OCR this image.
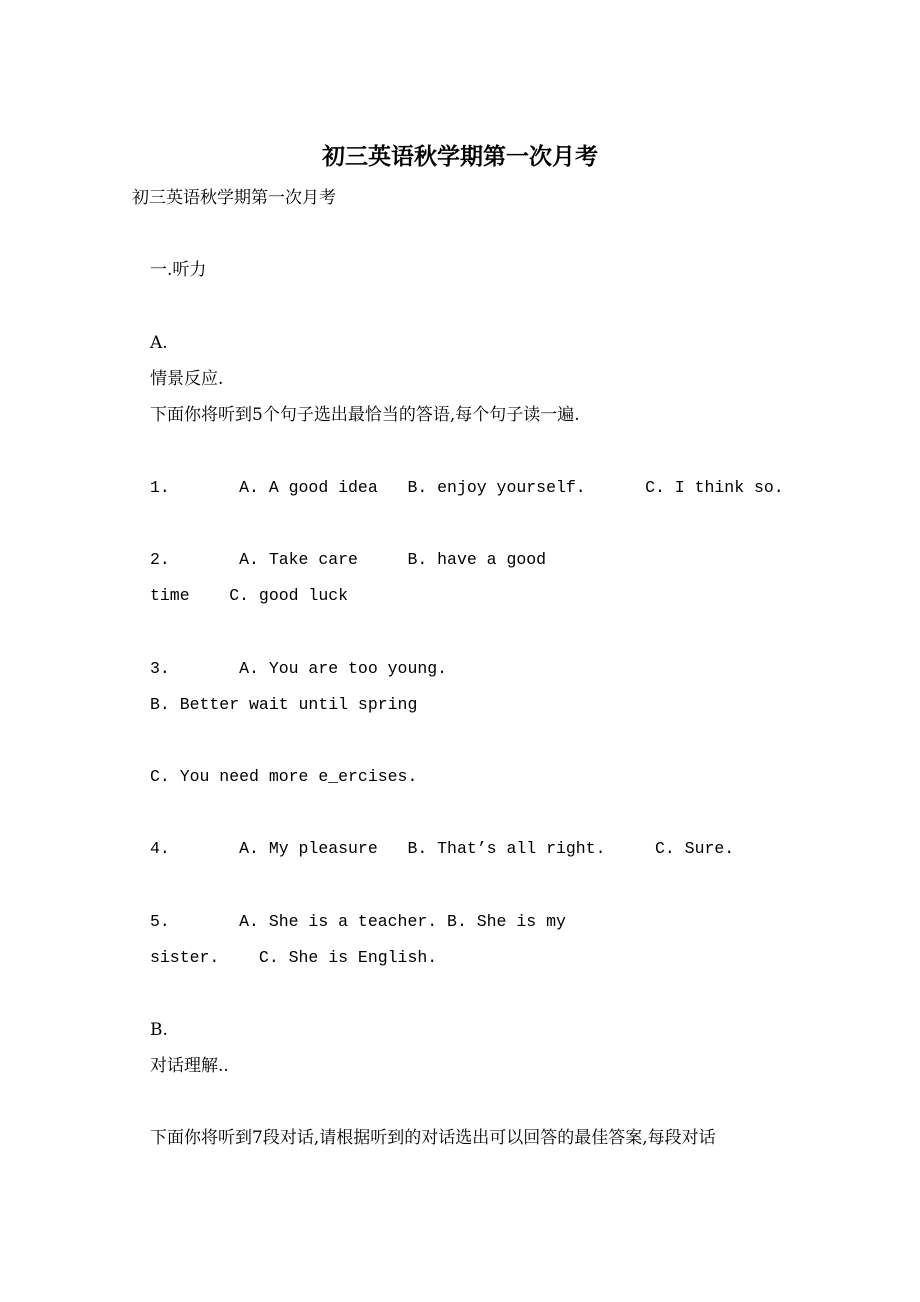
初三英语秋学期第一次月考
初三英语秋学期第一次月考
一.听力
A.
情景反应.
下面你将听到5个句子选出最恰当的答语,每个句子读一遍.
1.       A. A good idea   B. enjoy yourself.      C. I think so.
2.       A. Take care     B. have a good
time    C. good luck
3.       A. You are too young.
B. Better wait until spring
C. You need more e_ercises.
4.       A. My pleasure   B. That’s all right.     C. Sure.
5.       A. She is a teacher. B. She is my
sister.    C. She is English.
B.
对话理解..
下面你将听到7段对话,请根据听到的对话选出可以回答的最佳答案,每段对话
